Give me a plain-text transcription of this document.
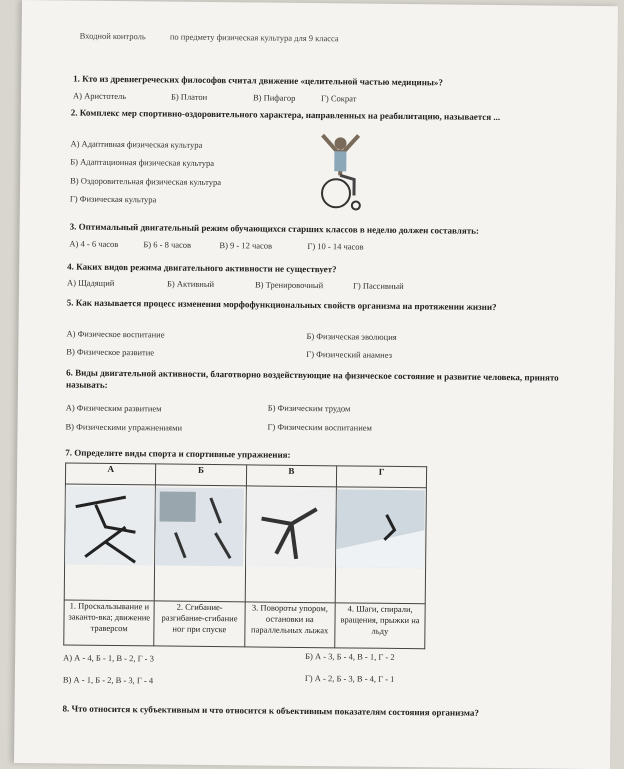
Входной контроль	по предмету физическая культура для 9 класса
1. Кто из древнегреческих философов считал движение «целительной частью медицины»?
А) Аристотель	Б) Платон	В) Пифагор	Г) Сократ
2. Комплекс мер спортивно-оздоровительного характера, направленных на реабилитацию, называется ...
А) Адаптивная физическая культура
Б) Адаптационная физическая культура
В) Оздоровительная физическая культура
Г) Физическая культура
3. Оптимальный двигательный режим обучающихся старших классов в неделю должен составлять:
А) 4 - 6 часов	Б) 6 - 8 часов	В) 9 - 12 часов	Г) 10 - 14 часов
4. Каких видов режима двигательного активности не существует?
А) Щадящий	Б) Активный	В) Тренировочный	Г) Пассивный
5. Как называется процесс изменения морфофункциональных свойств организма на протяжении жизни?
А) Физическое воспитание	Б) Физическая эволюция
В) Физическое развитие	Г) Физический анамнез
6. Виды двигательной активности, благотворно воздействующие на физическое состояние и развитие человека, принято называть:
А) Физическим развитием	Б) Физическим трудом
В) Физическими упражнениями	Г) Физическим воспитанием
7. Определите виды спорта и спортивные упражнения:
А	Б	В	Г

1. Проскальзывание и заканто-вка; движение траверсом	2. Сгибание-разгибание-сгибание ног при спуске	3. Повороты упором, остановки на параллельных лыжах	4. Шаги, спирали, вращения, прыжки на льду
А) А - 4, Б - 1, В - 2, Г - 3	Б) А - 3, Б - 4, В - 1, Г - 2
В) А - 1, Б - 2, В - 3, Г - 4	Г) А - 2, Б - 3, В - 4, Г - 1
8. Что относится к субъективным и что относится к объективным показателям состояния организма?
